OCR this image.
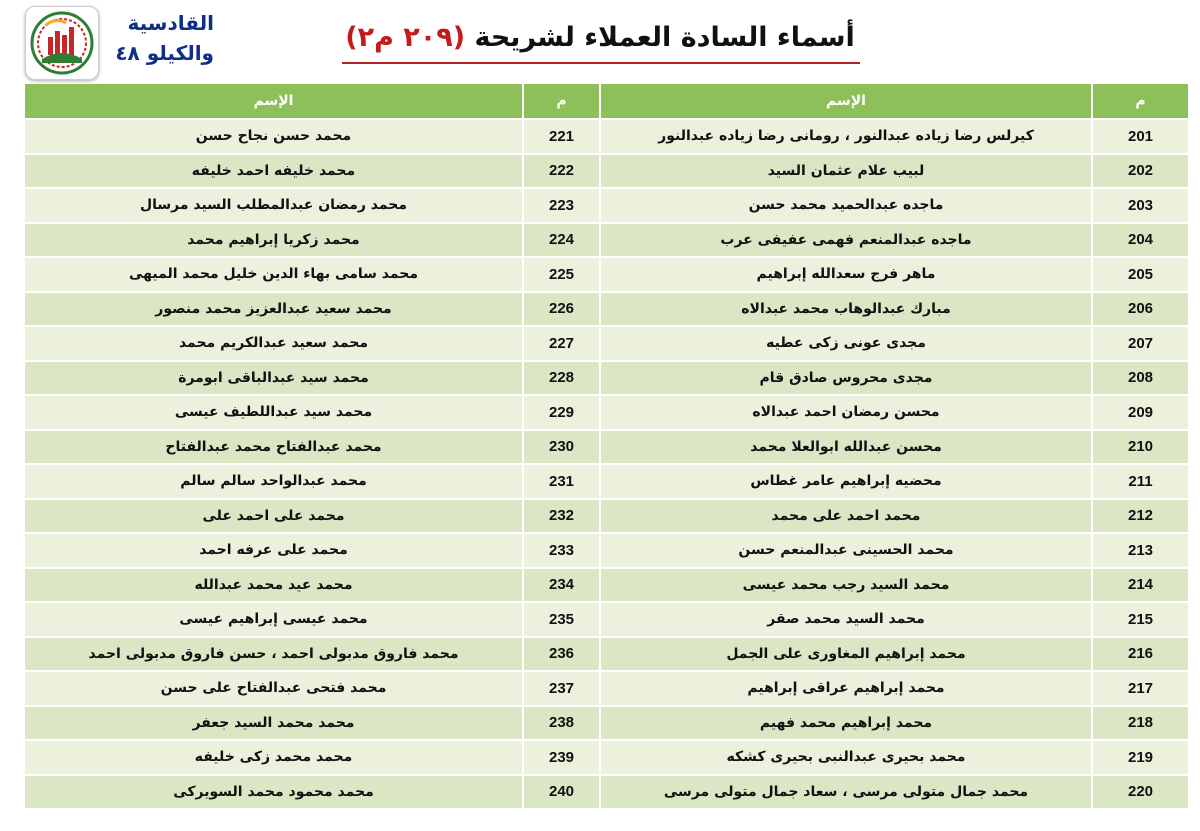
القادسية
والكيلو ٤٨	أسماء السادة العملاء لشريحة (٢٠٩ م٢)
م	الإسم	م	الإسم
201	كيرلس رضا زياده عبدالنور ، رومانى رضا زياده عبدالنور	221	محمد حسن نجاح حسن
202	لبيب علام عثمان السيد	222	محمد خليفه احمد خليفه
203	ماجده عبدالحميد محمد حسن	223	محمد رمضان عبدالمطلب السيد مرسال
204	ماجده عبدالمنعم فهمى عفيفى عرب	224	محمد زكريا إبراهيم محمد
205	ماهر فرج سعدالله إبراهيم	225	محمد سامى بهاء الدين خليل محمد الميهى
206	مبارك عبدالوهاب محمد عبدالاه	226	محمد سعيد عبدالعزيز محمد منصور
207	مجدى عونى زكى عطيه	227	محمد سعيد عبدالكريم محمد
208	مجدى محروس صادق قام	228	محمد سيد عبدالباقى ابومرة
209	محسن رمضان احمد عبدالاه	229	محمد سيد عبداللطيف عيسى
210	محسن عبدالله ابوالعلا محمد	230	محمد عبدالفتاح محمد عبدالفتاح
211	محضيه إبراهيم عامر غطاس	231	محمد عبدالواحد سالم سالم
212	محمد احمد على محمد	232	محمد على احمد على
213	محمد الحسينى عبدالمنعم حسن	233	محمد على عرفه احمد
214	محمد السيد رجب محمد عيسى	234	محمد عيد محمد عبدالله
215	محمد السيد محمد صقر	235	محمد عيسى إبراهيم عيسى
216	محمد إبراهيم المغاورى على الجمل	236	محمد فاروق مدبولى احمد ، حسن فاروق مدبولى احمد
217	محمد إبراهيم عراقى إبراهيم	237	محمد فتحى عبدالفتاح على حسن
218	محمد إبراهيم محمد فهيم	238	محمد محمد السيد جعفر
219	محمد بحيرى عبدالنبى بحيرى كشكه	239	محمد محمد زكى خليفه
220	محمد جمال متولى مرسى ، سعاد جمال متولى مرسى	240	محمد محمود محمد السويركى
